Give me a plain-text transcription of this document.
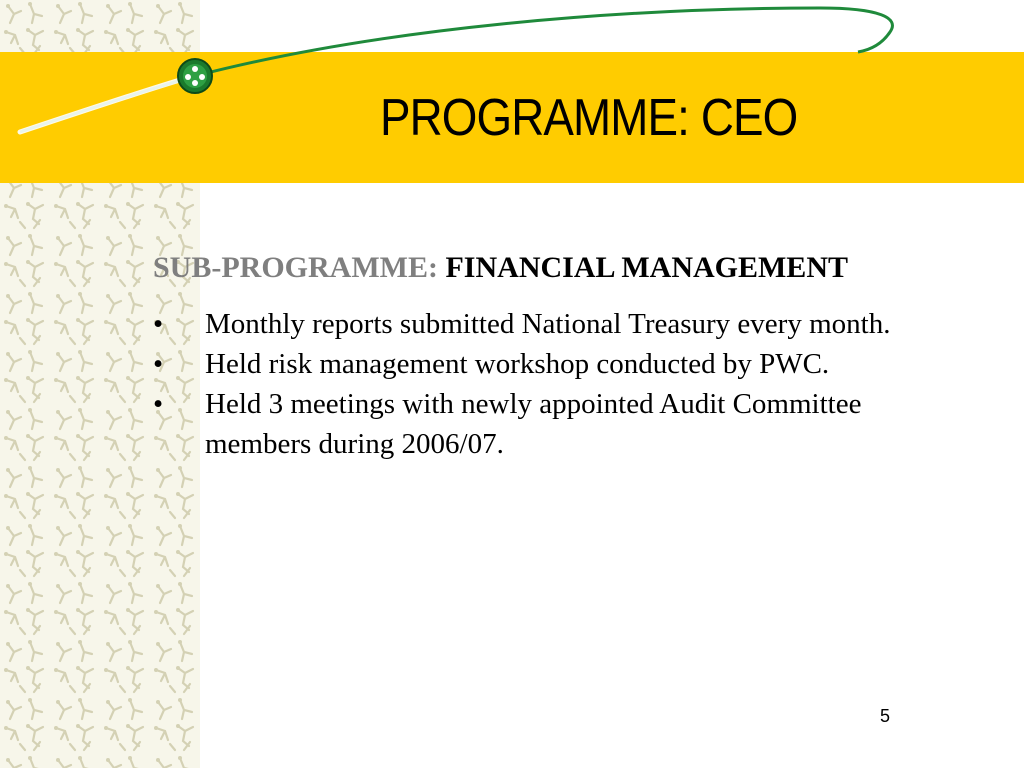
PROGRAMME: CEO
SUB-PROGRAMME: FINANCIAL MANAGEMENT
• Monthly reports submitted National Treasury every month.
• Held risk management workshop conducted by PWC.
• Held 3 meetings with newly appointed Audit Committee members during 2006/07.
5
